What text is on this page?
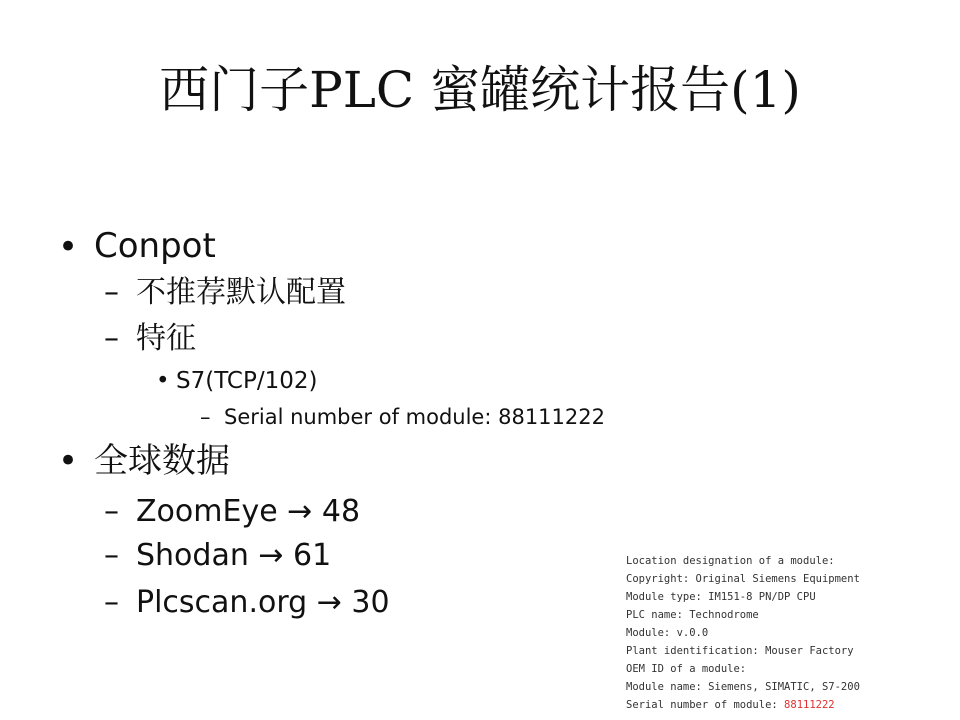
西门子PLC 蜜罐统计报告(1)
• Conpot
– 不推荐默认配置
– 特征
• S7(TCP/102)
– Serial number of module: 88111222
• 全球数据
– ZoomEye → 48
– Shodan → 61
– Plcscan.org → 30
Location designation of a module:
Copyright: Original Siemens Equipment
Module type: IM151-8 PN/DP CPU
PLC name: Technodrome
Module: v.0.0
Plant identification: Mouser Factory
OEM ID of a module:
Module name: Siemens, SIMATIC, S7-200
Serial number of module: 88111222
